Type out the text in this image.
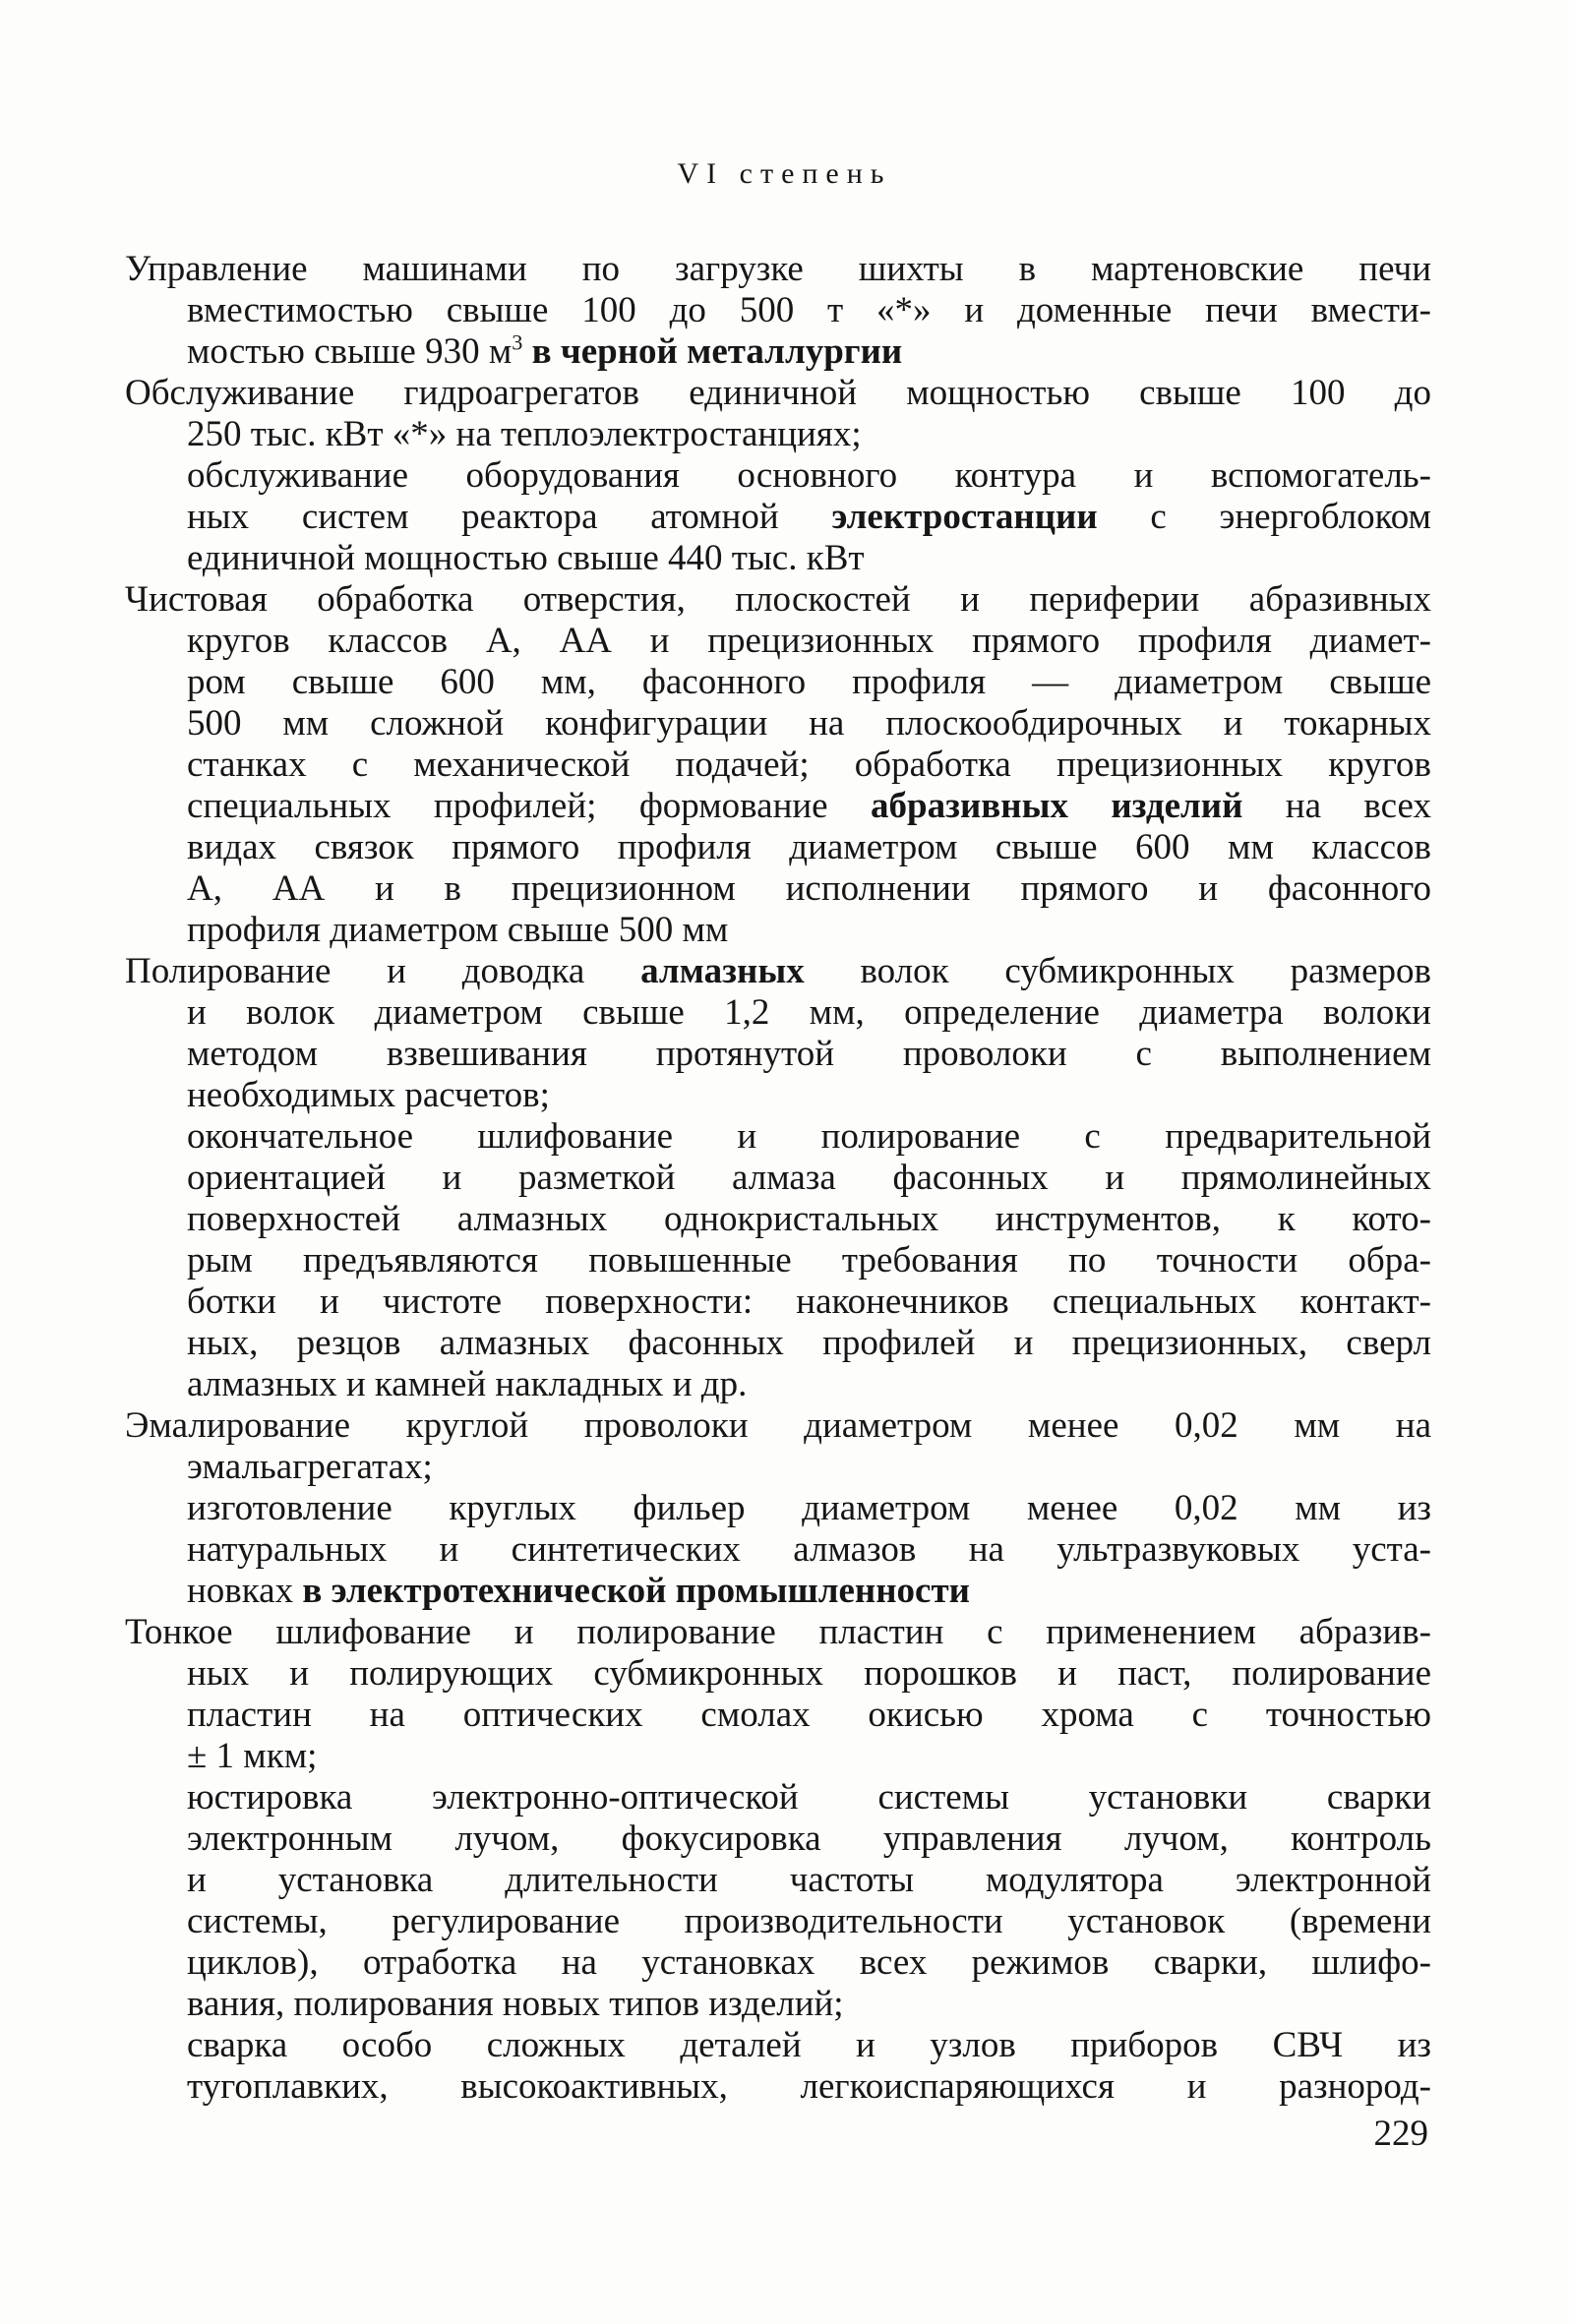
VI степень
Управление машинами по загрузке шихты в мартеновские печи
вместимостью свыше 100 до 500 т «*» и доменные печи вмести-
мостью свыше 930 $м^3$ в черной металлургии
Обслуживание гидроагрегатов единичной мощностью свыше 100 до
250 тыс. кВт «*» на теплоэлектростанциях;
обслуживание оборудования основного контура и вспомогатель-
ных систем реактора атомной электростанции с энергоблоком
единичной мощностью свыше 440 тыс. кВт
Чистовая обработка отверстия, плоскостей и периферии абразивных
кругов классов А, АА и прецизионных прямого профиля диамет-
ром свыше 600 мм, фасонного профиля — диаметром свыше
500 мм сложной конфигурации на плоскообдирочных и токарных
станках с механической подачей; обработка прецизионных кругов
специальных профилей; формование абразивных изделий на всех
видах связок прямого профиля диаметром свыше 600 мм классов
А, АА и в прецизионном исполнении прямого и фасонного
профиля диаметром свыше 500 мм
Полирование и доводка алмазных волок субмикронных размеров
и волок диаметром свыше 1,2 мм, определение диаметра волоки
методом взвешивания протянутой проволоки с выполнением
необходимых расчетов;
окончательное шлифование и полирование с предварительной
ориентацией и разметкой алмаза фасонных и прямолинейных
поверхностей алмазных однокристальных инструментов, к кото-
рым предъявляются повышенные требования по точности обра-
ботки и чистоте поверхности: наконечников специальных контакт-
ных, резцов алмазных фасонных профилей и прецизионных, сверл
алмазных и камней накладных и др.
Эмалирование круглой проволоки диаметром менее 0,02 мм на
эмальагрегатах;
изготовление круглых фильер диаметром менее 0,02 мм из
натуральных и синтетических алмазов на ультразвуковых уста-
новках в электротехнической промышленности
Тонкое шлифование и полирование пластин с применением абразив-
ных и полирующих субмикронных порошков и паст, полирование
пластин на оптических смолах окисью хрома с точностью
± 1 мкм;
юстировка электронно-оптической системы установки сварки
электронным лучом, фокусировка управления лучом, контроль
и установка длительности частоты модулятора электронной
системы, регулирование производительности установок (времени
циклов), отработка на установках всех режимов сварки, шлифо-
вания, полирования новых типов изделий;
сварка особо сложных деталей и узлов приборов СВЧ из
тугоплавких, высокоактивных, легкоиспаряющихся и разнород-
229
